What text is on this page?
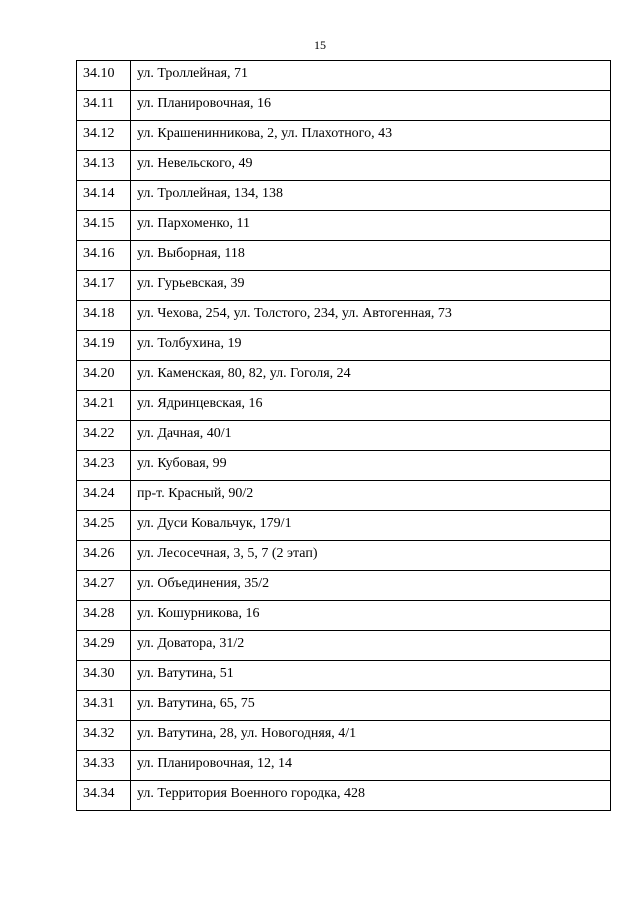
15
34.10	ул. Троллейная, 71
34.11	ул. Планировочная, 16
34.12	ул. Крашенинникова, 2, ул. Плахотного, 43
34.13	ул. Невельского, 49
34.14	ул. Троллейная, 134, 138
34.15	ул. Пархоменко, 11
34.16	ул. Выборная, 118
34.17	ул. Гурьевская, 39
34.18	ул. Чехова, 254, ул. Толстого, 234, ул. Автогенная, 73
34.19	ул. Толбухина, 19
34.20	ул. Каменская, 80, 82, ул. Гоголя, 24
34.21	ул. Ядринцевская, 16
34.22	ул. Дачная, 40/1
34.23	ул. Кубовая, 99
34.24	пр-т. Красный, 90/2
34.25	ул. Дуси Ковальчук, 179/1
34.26	ул. Лесосечная, 3, 5, 7 (2 этап)
34.27	ул. Объединения, 35/2
34.28	ул. Кошурникова, 16
34.29	ул. Доватора, 31/2
34.30	ул. Ватутина, 51
34.31	ул. Ватутина, 65, 75
34.32	ул. Ватутина, 28, ул. Новогодняя, 4/1
34.33	ул. Планировочная, 12, 14
34.34	ул. Территория Военного городка, 428
